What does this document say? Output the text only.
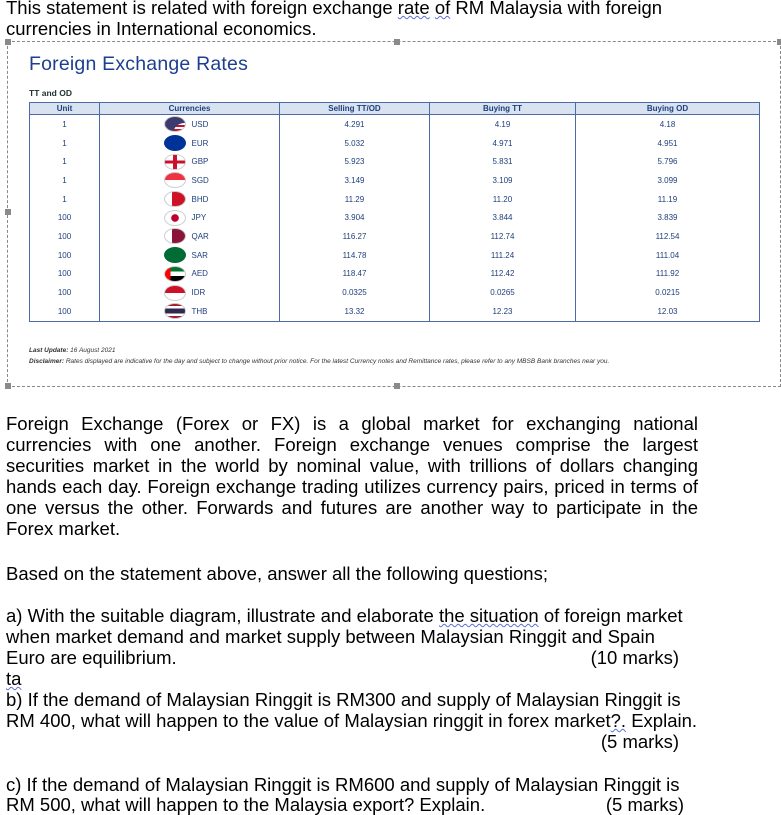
This statement is related with foreign exchange rate of RM Malaysia with foreign
currencies in International economics.
Foreign Exchange Rates
TT and OD
Unit	Currencies	Selling TT/OD	Buying TT	Buying OD
1	USD	4.291	4.19	4.18
1	EUR	5.032	4.971	4.951
1	GBP	5.923	5.831	5.796
1	SGD	3.149	3.109	3.099
1	BHD	11.29	11.20	11.19
100	JPY	3.904	3.844	3.839
100	QAR	116.27	112.74	112.54
100	SAR	114.78	111.24	111.04
100	AED	118.47	112.42	111.92
100	IDR	0.0325	0.0265	0.0215
100	THB	13.32	12.23	12.03
Last Update: 16 August 2021
Disclaimer: Rates displayed are indicative for the day and subject to change without prior notice. For the latest Currency notes and Remittance rates, please refer to any MBSB Bank branches near you.
Foreign Exchange (Forex or FX) is a global market for exchanging national currencies with one another. Foreign exchange venues comprise the largest securities market in the world by nominal value, with trillions of dollars changing hands each day. Foreign exchange trading utilizes currency pairs, priced in terms of one versus the other. Forwards and futures are another way to participate in the Forex market.
Based on the statement above, answer all the following questions;
a) With the suitable diagram, illustrate and elaborate the situation of foreign market
when market demand and market supply between Malaysian Ringgit and Spain
Euro are equilibrium.	(10 marks)
ta
b) If the demand of Malaysian Ringgit is RM300 and supply of Malaysian Ringgit is
RM 400, what will happen to the value of Malaysian ringgit in forex market?. Explain.
(5 marks)
c) If the demand of Malaysian Ringgit is RM600 and supply of Malaysian Ringgit is
RM 500, what will happen to the Malaysia export? Explain.	(5 marks)
